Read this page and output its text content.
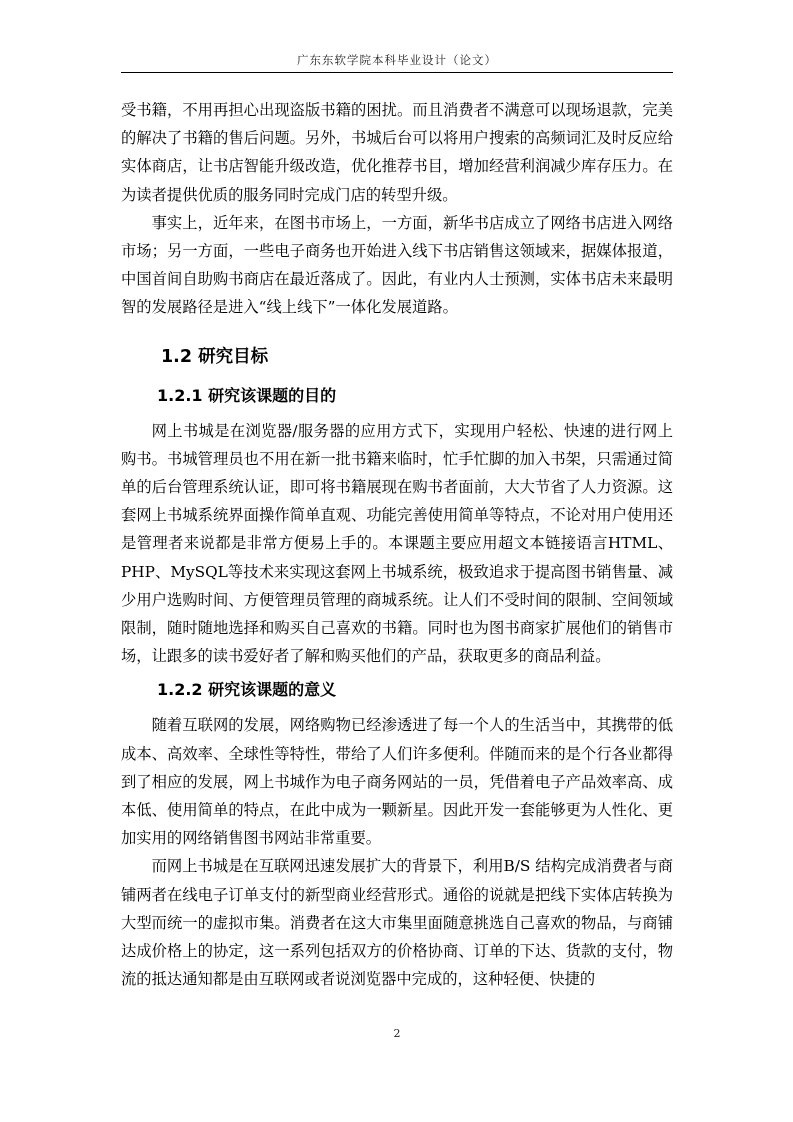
广东东软学院本科毕业设计（论文）

受书籍，不用再担心出现盗版书籍的困扰。而且消费者不满意可以现场退款，完美的解决了书籍的售后问题。另外，书城后台可以将用户搜索的高频词汇及时反应给实体商店，让书店智能升级改造，优化推荐书目，增加经营利润减少库存压力。在为读者提供优质的服务同时完成门店的转型升级。

事实上，近年来，在图书市场上，一方面，新华书店成立了网络书店进入网络市场；另一方面，一些电子商务也开始进入线下书店销售这领域来，据媒体报道，中国首间自助购书商店在最近落成了。因此，有业内人士预测，实体书店未来最明智的发展路径是进入“线上线下”一体化发展道路。

1.2 研究目标
1.2.1 研究该课题的目的

网上书城是在浏览器/服务器的应用方式下，实现用户轻松、快速的进行网上购书。书城管理员也不用在新一批书籍来临时，忙手忙脚的加入书架，只需通过简单的后台管理系统认证，即可将书籍展现在购书者面前，大大节省了人力资源。这套网上书城系统界面操作简单直观、功能完善使用简单等特点，不论对用户使用还是管理者来说都是非常方便易上手的。本课题主要应用超文本链接语言HTML、PHP、MySQL等技术来实现这套网上书城系统，极致追求于提高图书销售量、减少用户选购时间、方便管理员管理的商城系统。让人们不受时间的限制、空间领域限制，随时随地选择和购买自己喜欢的书籍。同时也为图书商家扩展他们的销售市场，让跟多的读书爱好者了解和购买他们的产品，获取更多的商品利益。

1.2.2 研究该课题的意义

随着互联网的发展，网络购物已经渗透进了每一个人的生活当中，其携带的低成本、高效率、全球性等特性，带给了人们许多便利。伴随而来的是个行各业都得到了相应的发展，网上书城作为电子商务网站的一员，凭借着电子产品效率高、成本低、使用简单的特点，在此中成为一颗新星。因此开发一套能够更为人性化、更加实用的网络销售图书网站非常重要。

而网上书城是在互联网迅速发展扩大的背景下，利用B/S 结构完成消费者与商铺两者在线电子订单支付的新型商业经营形式。通俗的说就是把线下实体店转换为大型而统一的虚拟市集。消费者在这大市集里面随意挑选自己喜欢的物品，与商铺达成价格上的协定，这一系列包括双方的价格协商、订单的下达、货款的支付，物流的抵达通知都是由互联网或者说浏览器中完成的，这种轻便、快捷的

2
